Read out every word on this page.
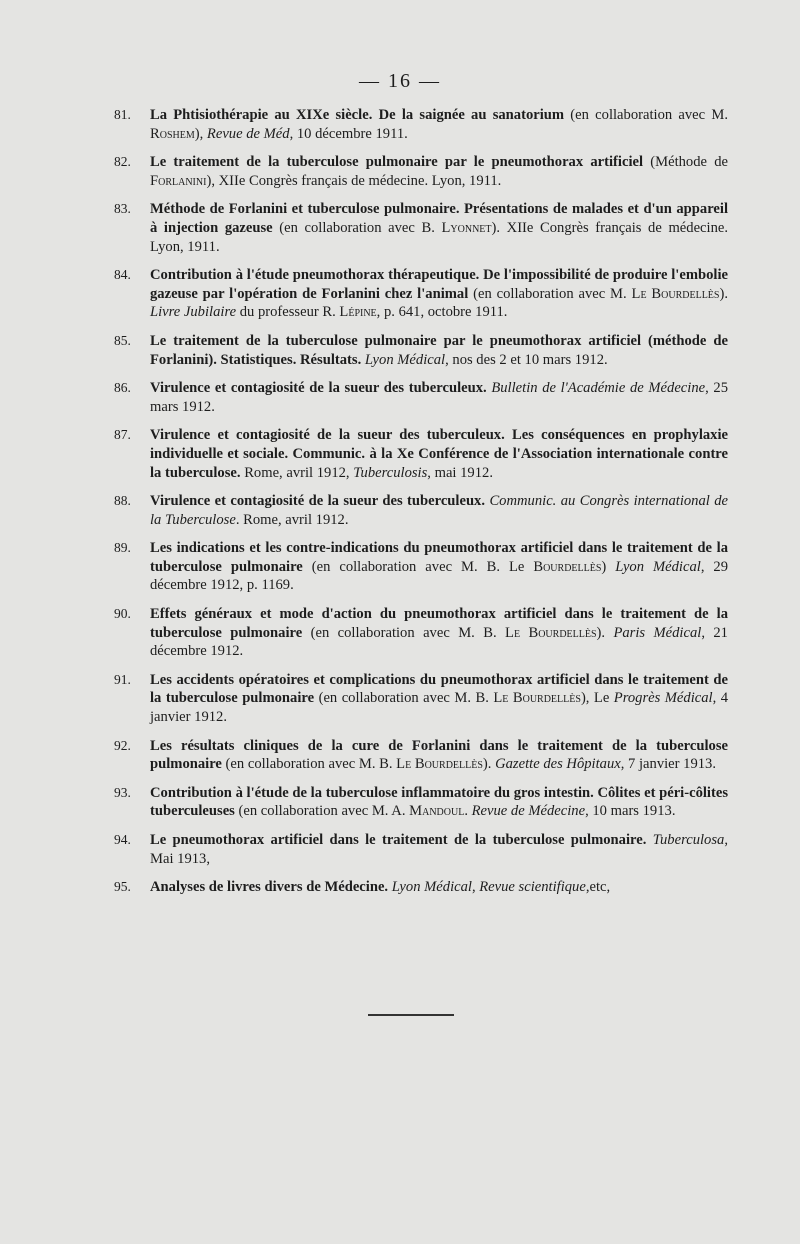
— 16 —
81.	La Phtisiothérapie au XIXe siècle. De la saignée au sanatorium (en collaboration avec M. Roshem), Revue de Méd, 10 décembre 1911.
82.	Le traitement de la tuberculose pulmonaire par le pneumothorax artificiel (Méthode de Forlanini), XIIe Congrès français de médecine. Lyon, 1911.
83.	Méthode de Forlanini et tuberculose pulmonaire. Présentations de malades et d'un appareil à injection gazeuse (en collaboration avec B. Lyonnet). XIIe Congrès français de médecine. Lyon, 1911.
84.	Contribution à l'étude pneumothorax thérapeutique. De l'impossibilité de produire l'embolie gazeuse par l'opération de Forlanini chez l'animal (en collaboration avec M. Le Bourdellès). Livre Jubilaire du professeur R. Lépine, p. 641, octobre 1911.
85.	Le traitement de la tuberculose pulmonaire par le pneumothorax artificiel (méthode de Forlanini). Statistiques. Résultats. Lyon Médical, nos des 2 et 10 mars 1912.
86.	Virulence et contagiosité de la sueur des tuberculeux. Bulletin de l'Académie de Médecine, 25 mars 1912.
87.	Virulence et contagiosité de la sueur des tuberculeux. Les conséquences en prophylaxie individuelle et sociale. Communic. à la Xe Conférence de l'Association internationale contre la tuberculose. Rome, avril 1912, Tuberculosis, mai 1912.
88.	Virulence et contagiosité de la sueur des tuberculeux. Communic. au Congrès international de la Tuberculose. Rome, avril 1912.
89.	Les indications et les contre-indications du pneumothorax artificiel dans le traitement de la tuberculose pulmonaire (en collaboration avec M. B. Le Bourdellès) Lyon Médical, 29 décembre 1912, p. 1169.
90.	Effets généraux et mode d'action du pneumothorax artificiel dans le traitement de la tuberculose pulmonaire (en collaboration avec M. B. Le Bourdellès). Paris Médical, 21 décembre 1912.
91.	Les accidents opératoires et complications du pneumothorax artificiel dans le traitement de la tuberculose pulmonaire (en collaboration avec M. B. Le Bourdellès), Le Progrès Médical, 4 janvier 1912.
92.	Les résultats cliniques de la cure de Forlanini dans le traitement de la tuberculose pulmonaire (en collaboration avec M. B. Le Bourdellès). Gazette des Hôpitaux, 7 janvier 1913.
93.	Contribution à l'étude de la tuberculose inflammatoire du gros intestin. Côlites et péri-côlites tuberculeuses (en collaboration avec M. A. Mandoul. Revue de Médecine, 10 mars 1913.
94.	Le pneumothorax artificiel dans le traitement de la tuberculose pulmonaire. Tuberculosa, Mai 1913,
95.	Analyses de livres divers de Médecine. Lyon Médical, Revue scientifique,etc,
